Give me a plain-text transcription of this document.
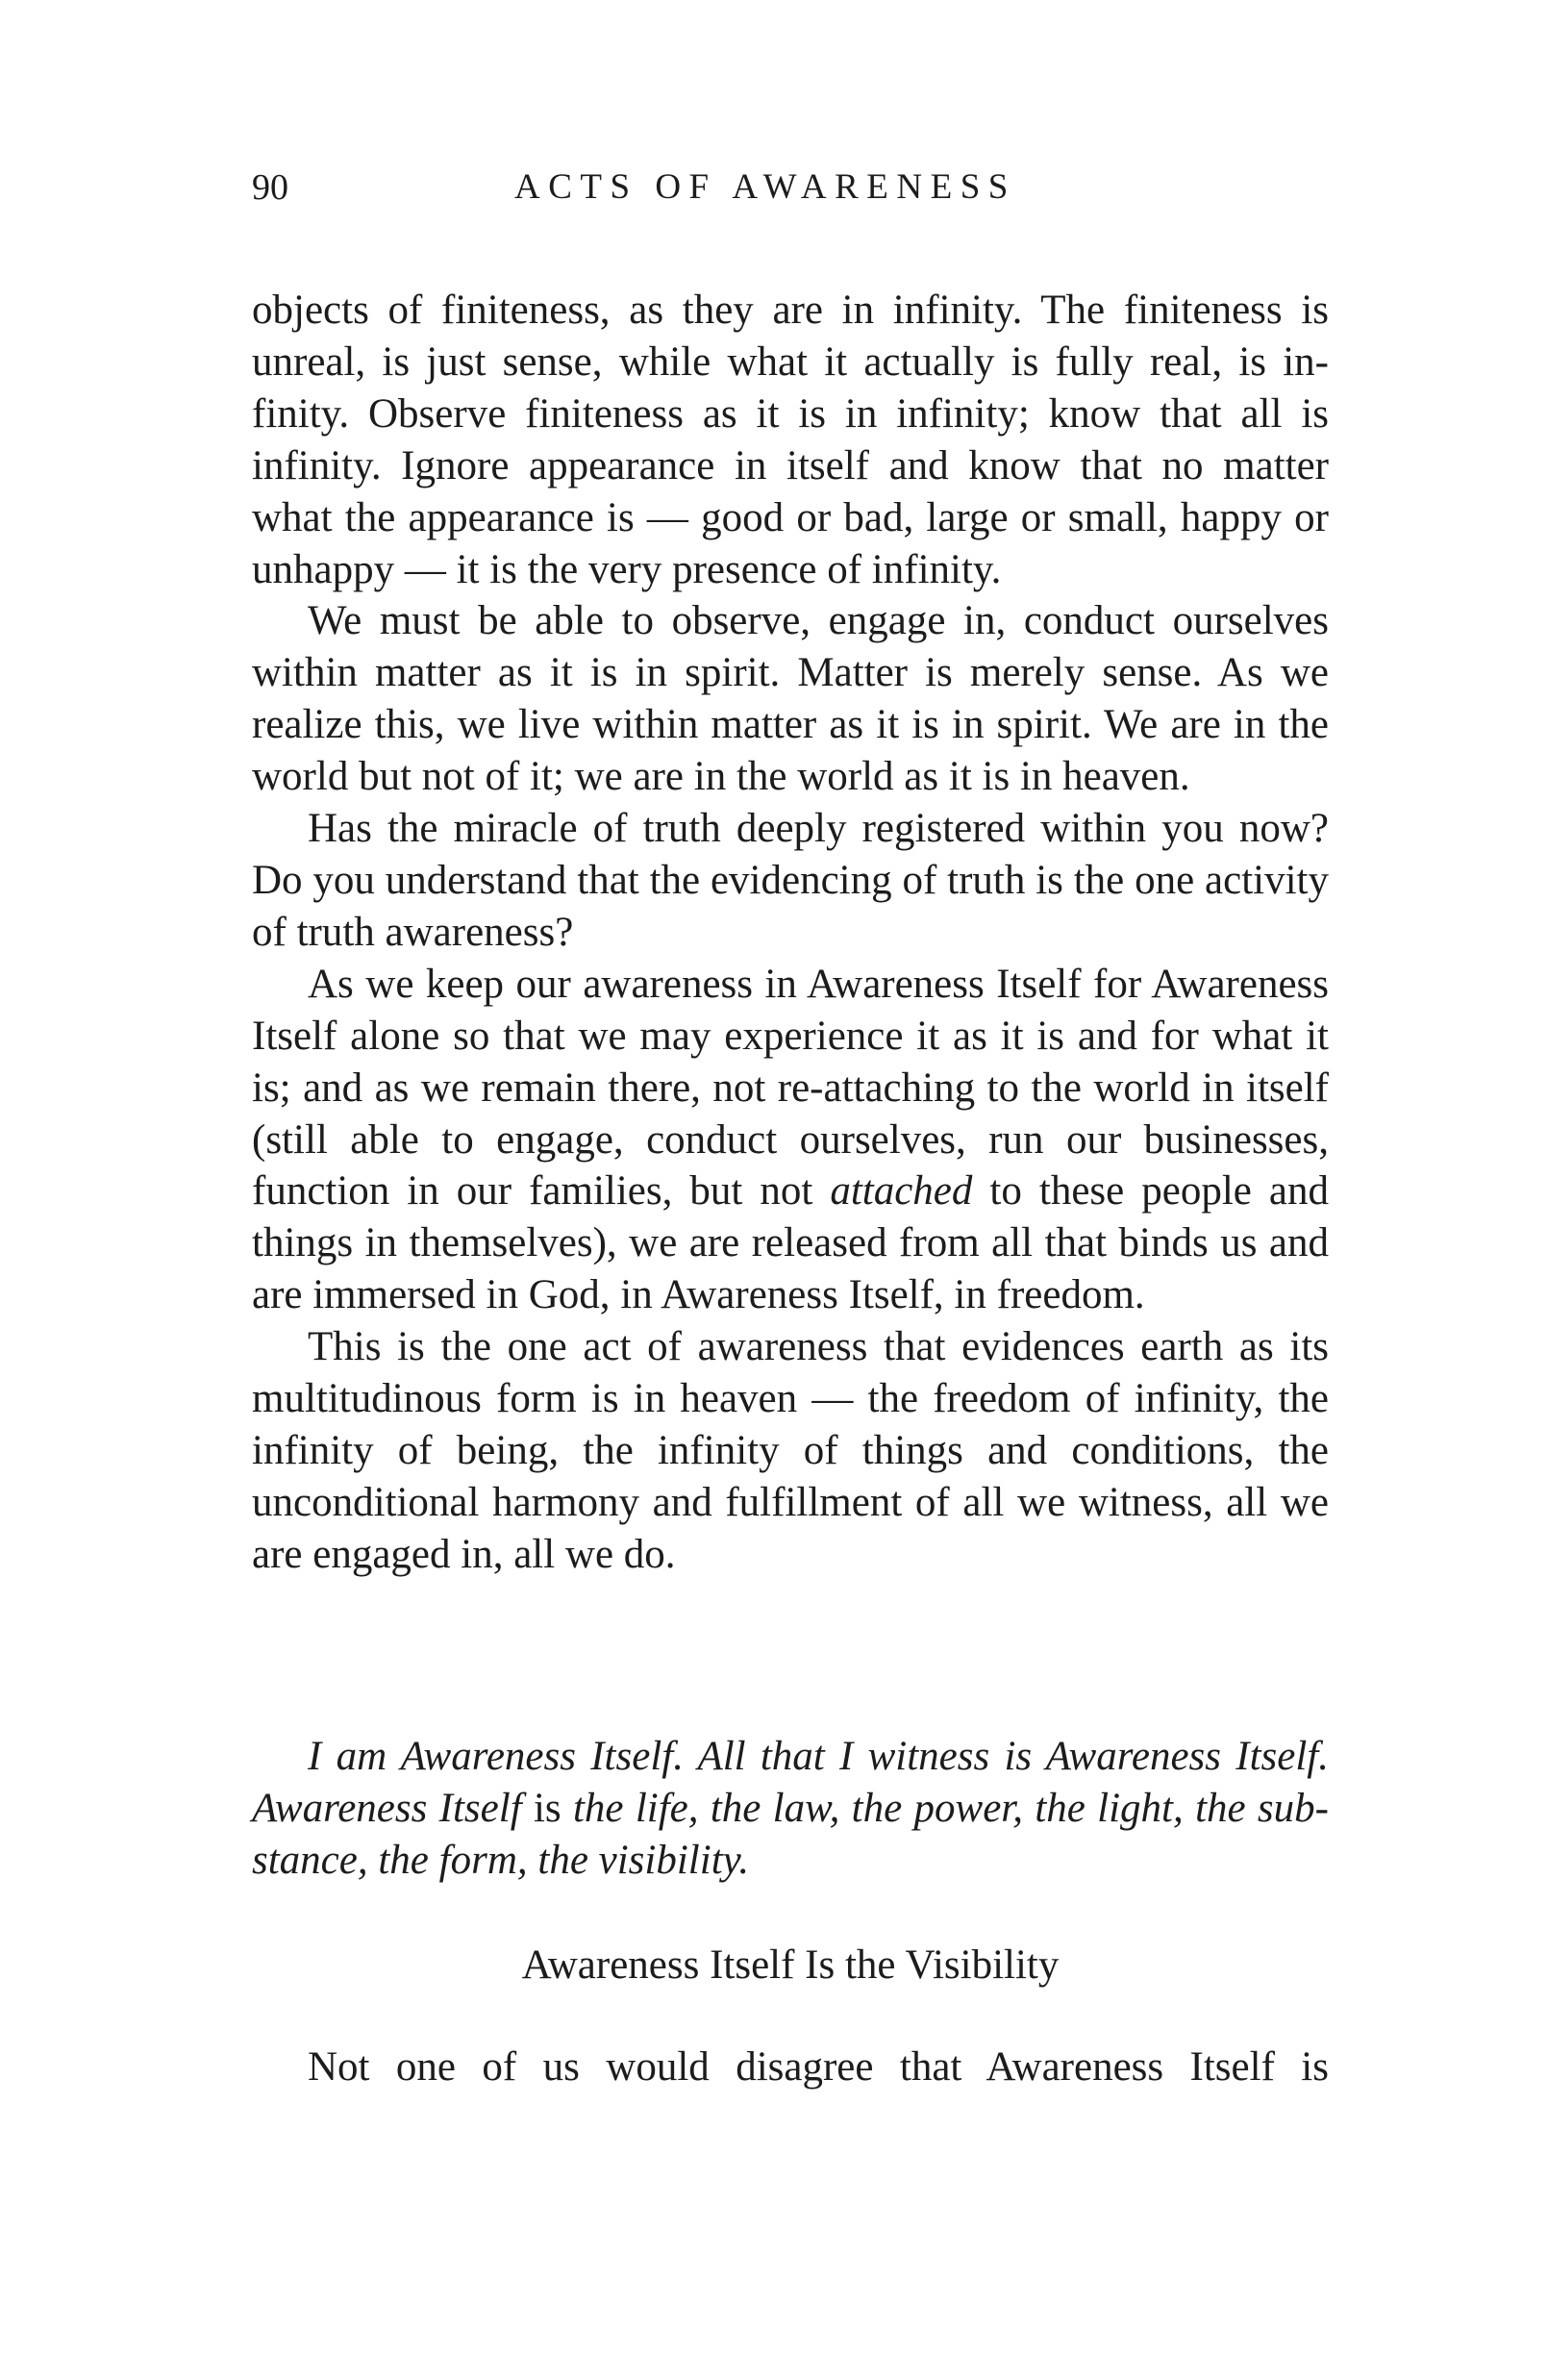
90	ACTS OF AWARENESS

objects of finiteness, as they are in infinity. The finiteness is unreal, is just sense, while what it actually is fully real, is infinity. Observe finiteness as it is in infinity; know that all is infinity. Ignore appearance in itself and know that no matter what the appearance is — good or bad, large or small, happy or unhappy — it is the very presence of infinity.

We must be able to observe, engage in, conduct ourselves within matter as it is in spirit. Matter is merely sense. As we realize this, we live within matter as it is in spirit. We are in the world but not of it; we are in the world as it is in heaven.

Has the miracle of truth deeply registered within you now? Do you understand that the evidencing of truth is the one activity of truth awareness?

As we keep our awareness in Awareness Itself for Awareness Itself alone so that we may experience it as it is and for what it is; and as we remain there, not re-attaching to the world in itself (still able to engage, conduct ourselves, run our businesses, function in our families, but not attached to these people and things in themselves), we are released from all that binds us and are immersed in God, in Awareness Itself, in freedom.

This is the one act of awareness that evidences earth as its multitudinous form is in heaven — the freedom of infinity, the infinity of being, the infinity of things and conditions, the unconditional harmony and fulfillment of all we witness, all we are engaged in, all we do.

I am Awareness Itself. All that I witness is Awareness Itself. Awareness Itself is the life, the law, the power, the light, the substance, the form, the visibility.

Awareness Itself Is the Visibility

Not one of us would disagree that Awareness Itself is
